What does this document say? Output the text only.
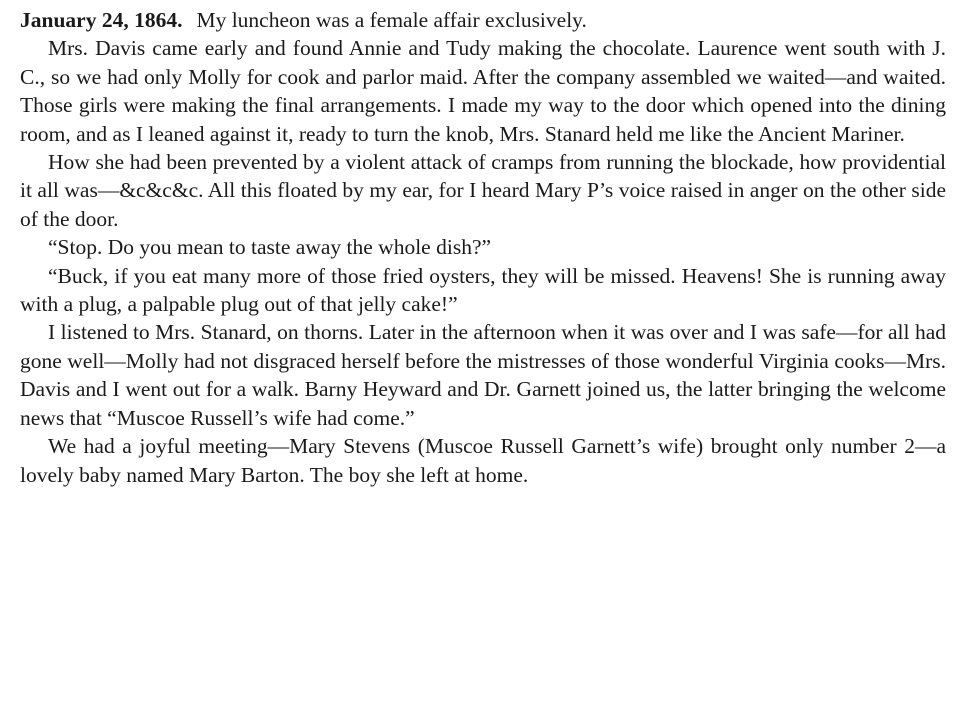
January 24, 1864. My luncheon was a female affair exclusively.

Mrs. Davis came early and found Annie and Tudy making the chocolate. Laurence went south with J. C., so we had only Molly for cook and parlor maid. After the company assembled we waited—and waited. Those girls were making the final arrangements. I made my way to the door which opened into the dining room, and as I leaned against it, ready to turn the knob, Mrs. Stanard held me like the Ancient Mariner.

How she had been prevented by a violent attack of cramps from running the blockade, how providential it all was—&c&c&c. All this floated by my ear, for I heard Mary P’s voice raised in anger on the other side of the door.

“Stop. Do you mean to taste away the whole dish?”

“Buck, if you eat many more of those fried oysters, they will be missed. Heavens! She is running away with a plug, a palpable plug out of that jelly cake!”

I listened to Mrs. Stanard, on thorns. Later in the afternoon when it was over and I was safe—for all had gone well—Molly had not disgraced herself before the mistresses of those wonderful Virginia cooks—Mrs. Davis and I went out for a walk. Barny Heyward and Dr. Garnett joined us, the latter bringing the welcome news that “Muscoe Russell’s wife had come.”

We had a joyful meeting—Mary Stevens (Muscoe Russell Garnett’s wife) brought only number 2—a lovely baby named Mary Barton. The boy she left at home.
